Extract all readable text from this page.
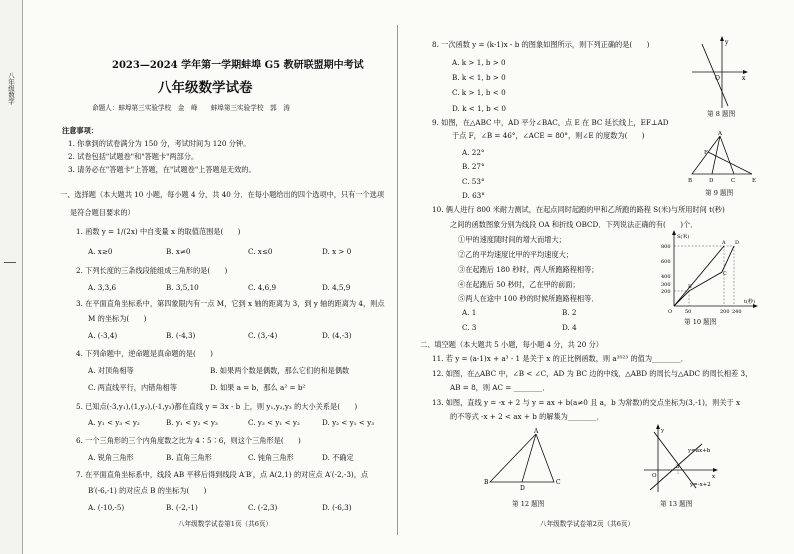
八年级数学
2023—2024 学年第一学期蚌埠 G5 教研联盟期中考试
八年级数学试卷
命题人：蚌埠第三实验学校　金　峰　　蚌埠第三实验学校　郭　涛
注意事项：
1. 你拿到的试卷满分为 150 分，考试时间为 120 分钟。
2. 试卷包括"试题卷"和"答题卡"两部分。
3. 请务必在"答题卡"上答题，在"试题卷"上答题是无效的。
一、选择题（本大题共 10 小题，每小题 4 分，共 40 分．在每小题给出的四个选项中，只有一个选项
是符合题目要求的）
1. 函数 y = 1/(2x) 中自变量 x 的取值范围是(　　)
A. x≥0	B. x≠0	C. x≤0	D. x > 0
2. 下列长度的三条线段能组成三角形的是(　　)
A. 3,3,6	B. 3,5,10	C. 4,6,9	D. 4,5,9
3. 在平面直角坐标系中，第四象限内有一点 M，它到 x 轴的距离为 3，到 y 轴的距离为 4，则点
M 的坐标为(　　)
A. (-3,4)	B. (-4,3)	C. (3,-4)	D. (4,-3)
4. 下列命题中，逆命题是真命题的是(　　)
A. 对顶角相等	B. 如果两个数是偶数，那么它们的和是偶数
C. 两直线平行，内错角相等	D. 如果 a = b，那么 a² = b²
5. 已知点(-3,y₁),(1,y₂),(-1,y₃)都在直线 y = 3x - b 上，则 y₁,y₂,y₃ 的大小关系是(　　)
A. y₁ < y₃ < y₂	B. y₁ < y₂ < y₃	C. y₃ < y₁ < y₂	D. y₂ < y₁ < y₃
6. 一个三角形的三个内角度数之比为 4∶5∶6，则这个三角形是(　　)
A. 锐角三角形	B. 直角三角形	C. 钝角三角形	D. 不确定
7. 在平面直角坐标系中，线段 AB 平移后得到线段 A′B′，点 A(2,1) 的对应点 A′(-2,-3)，点
B′(-6,-1) 的对应点 B 的坐标为(　　)
A. (-10,-5)	B. (-2,-1)	C. (-2,3)	D. (-6,3)
八年级数学试卷第1页（共6页）
8. 一次函数 y = (k-1)x - b 的图象如图所示，则下列正确的是(　　)
A. k > 1, b > 0
B. k < 1, b > 0
C. k > 1, b < 0
D. k < 1, b < 0
y
x
O
第 8 题图
9. 如图，在△ABC 中，AD 平分∠BAC，点 E 在 BC 延长线上，EF⊥AD
于点 F，∠B = 46°，∠ACE = 80°，则∠E 的度数为(　　)
A. 22°
B. 27°
C. 53°
D. 63°
A
F
B	D	C	E
第 9 题图
10. 俩人进行 800 米耐力测试，在起点同时起跑的甲和乙所跑的路程 S(米)与所用时间 t(秒)
之间的函数图象分别为线段 OA 和折线 OBCD．下列说法正确的有(　　)个．
①甲的速度随时间的增大而增大；
②乙的平均速度比甲的平均速度大；
③在起跑后 180 秒时，两人所跑路程相等；
④在起跑后 50 秒时，乙在甲的前面；
⑤两人在途中 100 秒的时候所跑路程相等．
A. 1	B. 2
C. 3	D. 4
S(米)
t(秒)
800
600
400
300
200
O	50	200 240
A D
C
B
第 10 题图
二、填空题（本大题共 5 小题，每小题 4 分，共 20 分）
11. 若 y = (a-1)x + a³ - 1 是关于 x 的正比例函数，则 a²⁰²³ 的值为________．
12. 如图，在△ABC 中，∠B < ∠C，AD 为 BC 边的中线，△ABD 的周长与△ADC 的周长相差 3，
AB = 8，则 AC = ________．
13. 如图，直线 y = -x + 2 与 y = ax + b(a≠0 且 a，b 为常数)的交点坐标为(3,-1)，则关于 x
的不等式 -x + 2 < ax + b 的解集为________．
A
B
D
C
第 12 题图
y
x
O
3
y=ax+b
y=-x+2
第 13 题图
八年级数学试卷第2页（共6页）
